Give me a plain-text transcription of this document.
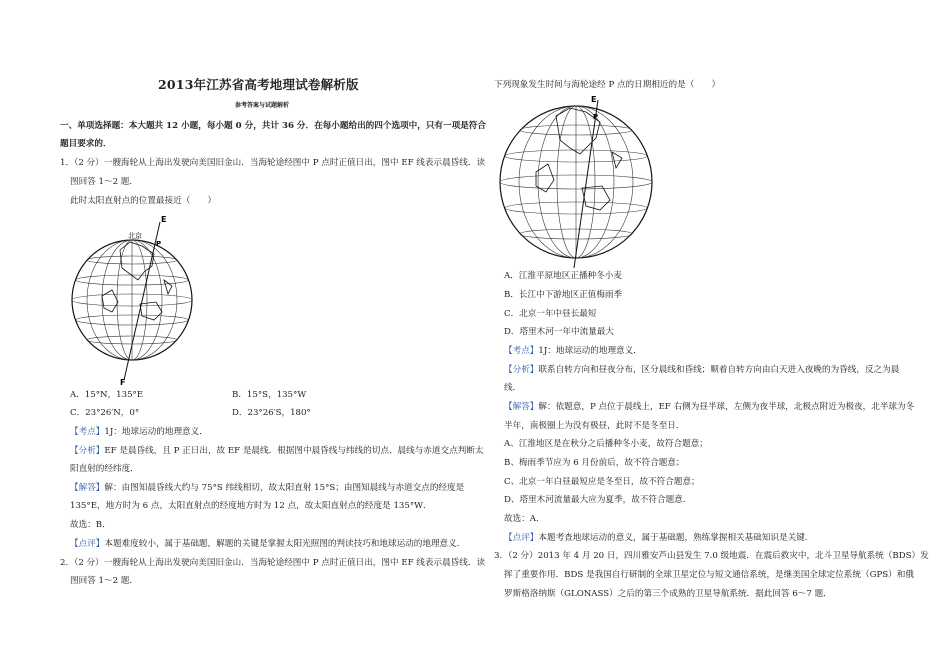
2013年江苏省高考地理试卷解析版
参考答案与试题解析
一、单项选择题：本大题共 12 小题，每小题 0 分，共计 36 分．在每小题给出的四个选项中，只有一项是符合
题目要求的．
1．（2 分）一艘海轮从上海出发驶向美国旧金山．当海轮途经图中 P 点时正值日出，图中 EF 线表示晨昏线．读
图回答 1～2 题．
此时太阳直射点的位置最接近（　　）
E
F
P
北京
A．15°N，135°E	B．15°S，135°W
C．23°26′N，0°	D．23°26′S，180°
【考点】1J：地球运动的地理意义．
【分析】EF 是晨昏线，且 P 正日出，故 EF 是晨线．根据图中晨昏线与纬线的切点、晨线与赤道交点判断太
阳直射的经纬度．
【解答】解：由图知晨昏线大约与 75°S 纬线相切，故太阳直射 15°S；由图知晨线与赤道交点的经度是
135°E，地方时为 6 点，太阳直射点的经度地方时为 12 点，故太阳直射点的经度是 135°W．
故选：B．
【点评】本题难度较小，属于基础题，解题的关键是掌握太阳光照图的判读技巧和地球运动的地理意义．
2．（2 分）一艘海轮从上海出发驶向美国旧金山．当海轮途经图中 P 点时正值日出，图中 EF 线表示晨昏线．读
图回答 1～2 题．
下列现象发生时间与海轮途经 P 点的日期相近的是（　　）
E
P
A．江淮平原地区正播种冬小麦
B．长江中下游地区正值梅雨季
C．北京一年中昼长最短
D．塔里木河一年中流量最大
【考点】1J：地球运动的地理意义．
【分析】联系自转方向和昼夜分布，区分晨线和昏线；顺着自转方向由白天进入夜晚的为昏线，反之为晨
线．
【解答】解：依题意，P 点位于晨线上，EF 右侧为昼半球，左侧为夜半球，北极点附近为极夜，北半球为冬
半年，南极圈上为没有极昼，此时不是冬至日．
A、江淮地区是在秋分之后播种冬小麦，故符合题意；
B、梅雨季节应为 6 月份前后，故不符合题意；
C、北京一年白昼最短应是冬至日，故不符合题意；
D、塔里木河流量最大应为夏季，故不符合题意．
故选：A．
【点评】本题考查地球运动的意义，属于基础题，熟练掌握相关基础知识是关键．
3．（2 分）2013 年 4 月 20 日，四川雅安芦山县发生 7.0 级地震．在震后救灾中，北斗卫星导航系统（BDS）发
挥了重要作用．BDS 是我国自行研制的全球卫星定位与短文通信系统，是继美国全球定位系统（GPS）和俄
罗斯格洛纳斯（GLONASS）之后的第三个成熟的卫星导航系统．据此回答 6～7 题．
